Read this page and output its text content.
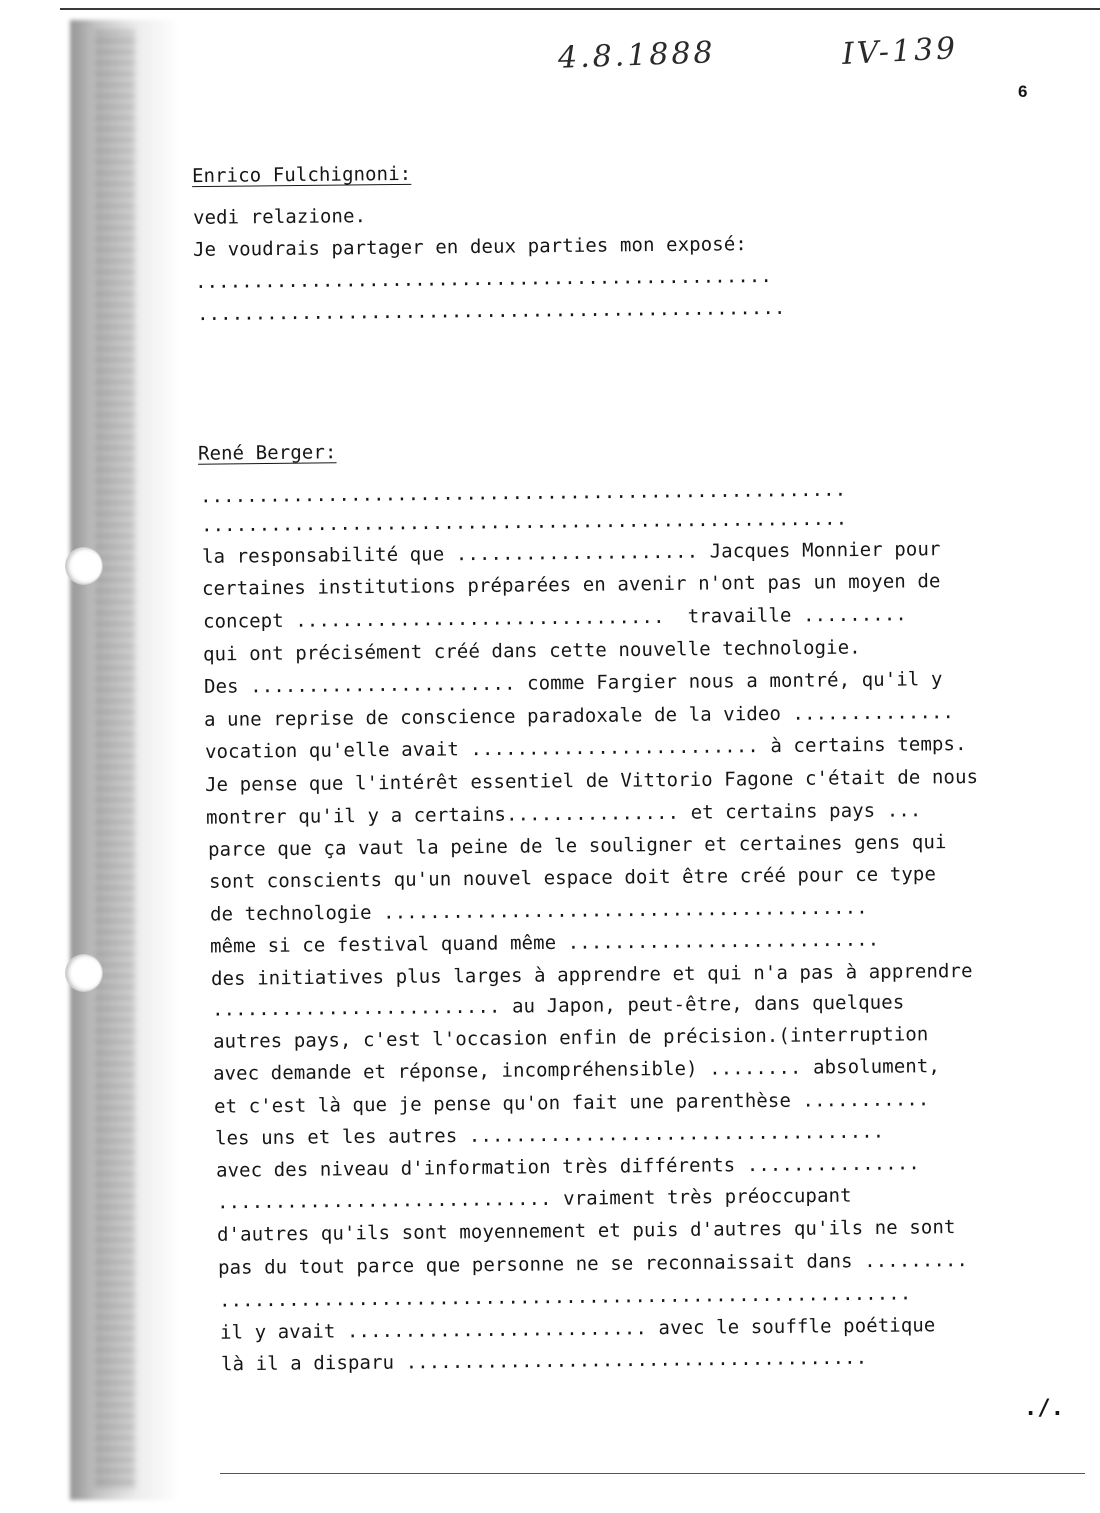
4.8.1888	IV-139
6
Enrico Fulchignoni:
vedi relazione.
Je voudrais partager en deux parties mon exposé:
..................................................
...................................................
René Berger:
........................................................
........................................................
la responsabilité que ..................... Jacques Monnier pour
certaines institutions préparées en avenir n'ont pas un moyen de
concept ................................  travaille .........
qui ont précisément créé dans cette nouvelle technologie.
Des ....................... comme Fargier nous a montré, qu'il y
a une reprise de conscience paradoxale de la video ..............
vocation qu'elle avait ......................... à certains temps.
Je pense que l'intérêt essentiel de Vittorio Fagone c'était de nous
montrer qu'il y a certains............... et certains pays ...
parce que ça vaut la peine de le souligner et certaines gens qui
sont conscients qu'un nouvel espace doit être créé pour ce type
de technologie ..........................................
même si ce festival quand même ...........................
des initiatives plus larges à apprendre et qui n'a pas à apprendre
......................... au Japon, peut-être, dans quelques
autres pays, c'est l'occasion enfin de précision.(interruption
avec demande et réponse, incompréhensible) ........ absolument,
et c'est là que je pense qu'on fait une parenthèse ...........
les uns et les autres ....................................
avec des niveau d'information très différents ...............
............................. vraiment très préoccupant
d'autres qu'ils sont moyennement et puis d'autres qu'ils ne sont
pas du tout parce que personne ne se reconnaissait dans .........
............................................................
il y avait .......................... avec le souffle poétique
là il a disparu ........................................
./.
